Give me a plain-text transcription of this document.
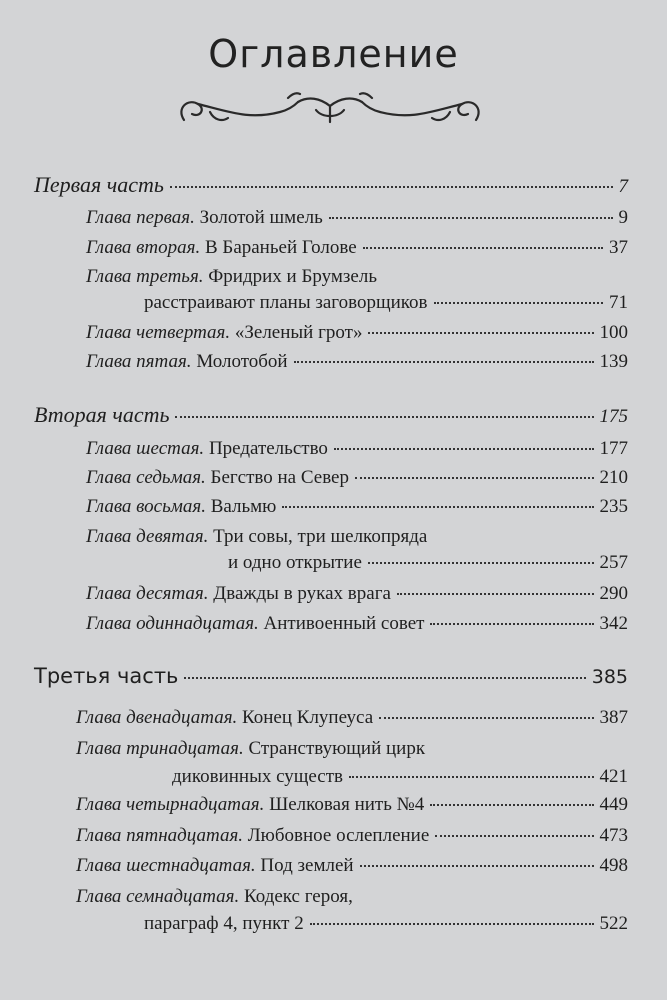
Оглавление
Первая часть	7
Глава первая. Золотой шмель	9
Глава вторая. В Бараньей Голове	37
Глава третья. Фридрих и Брумзель
расстраивают планы заговорщиков	71
Глава четвертая. «Зеленый грот»	100
Глава пятая. Молотобой	139
Вторая часть	175
Глава шестая. Предательство	177
Глава седьмая. Бегство на Север	210
Глава восьмая. Вальмю	235
Глава девятая. Три совы, три шелкопряда
и одно открытие	257
Глава десятая. Дважды в руках врага	290
Глава одиннадцатая. Антивоенный совет	342
Третья часть	385
Глава двенадцатая. Конец Клупеуса	387
Глава тринадцатая. Странствующий цирк
диковинных существ	421
Глава четырнадцатая. Шелковая нить №4	449
Глава пятнадцатая. Любовное ослепление	473
Глава шестнадцатая. Под землей	498
Глава семнадцатая. Кодекс героя,
параграф 4, пункт 2	522
